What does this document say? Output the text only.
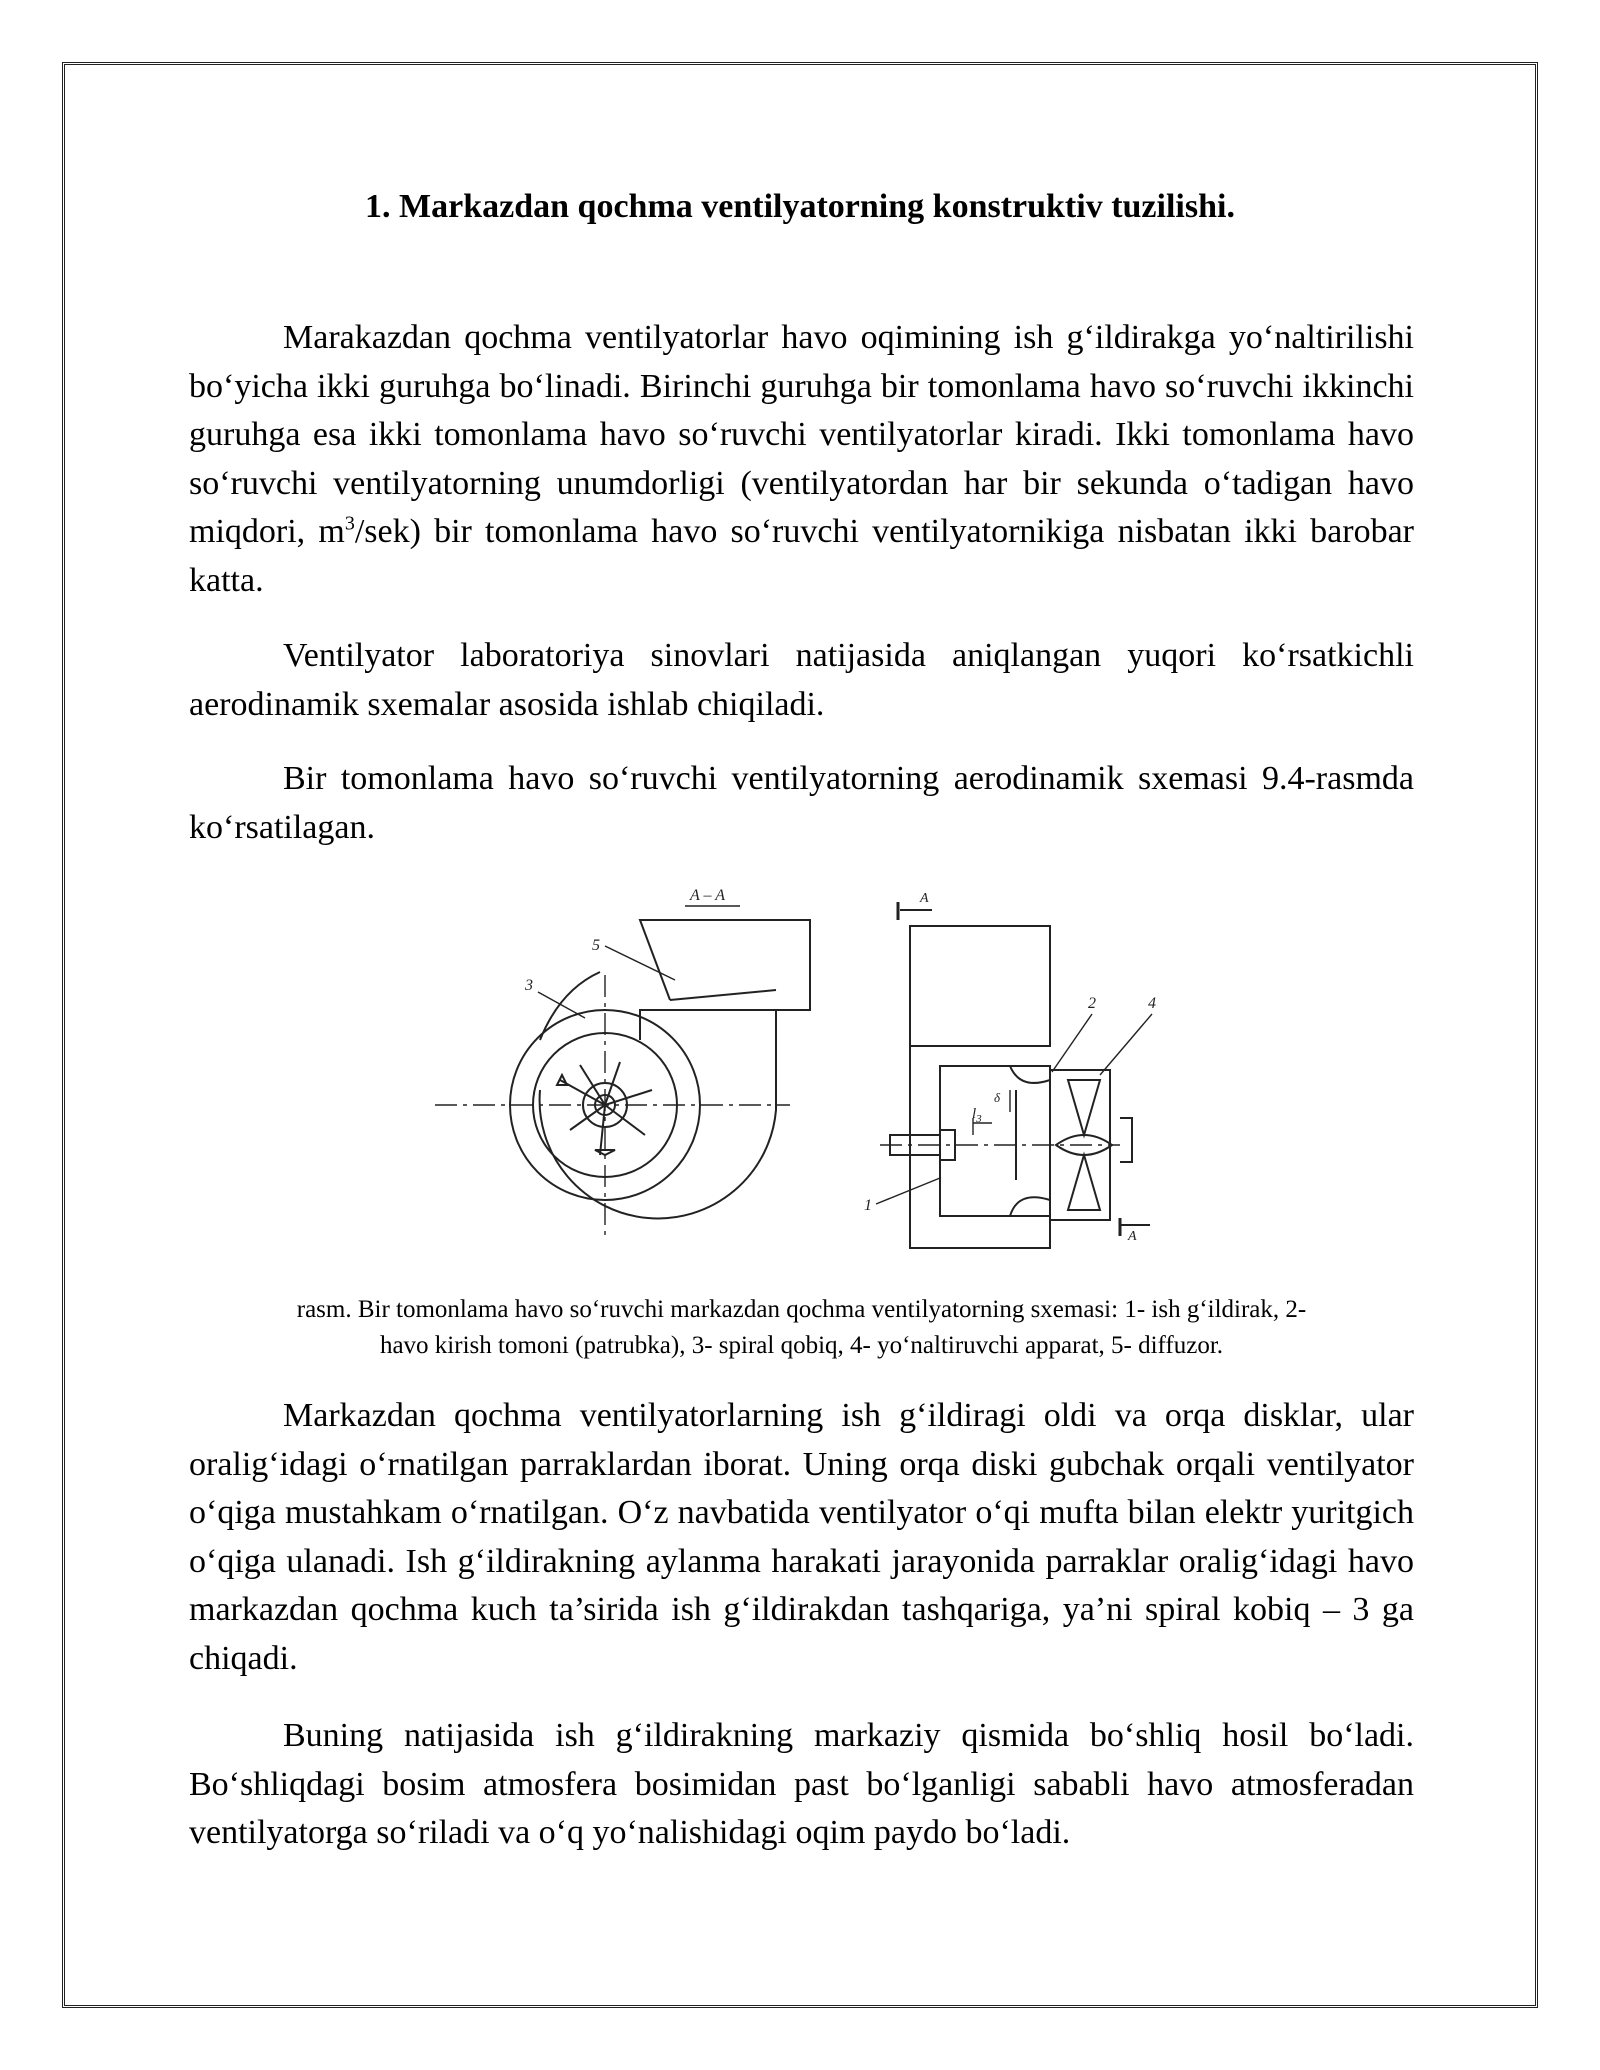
1. Markazdan qochma ventilyatorning konstruktiv tuzilishi.

Marakazdan qochma ventilyatorlar havo oqimining ish g‘ildirakga yo‘naltirilishi bo‘yicha ikki guruhga bo‘linadi. Birinchi guruhga bir tomonlama havo so‘ruvchi ikkinchi guruhga esa ikki tomonlama havo so‘ruvchi ventilyatorlar kiradi. Ikki tomonlama havo so‘ruvchi ventilyatorning unumdorligi (ventilyatordan har bir sekunda o‘tadigan havo miqdori, $m^3/sek$) bir tomonlama havo so‘ruvchi ventilyatornikiga nisbatan ikki barobar katta.

Ventilyator laboratoriya sinovlari natijasida aniqlangan yuqori ko‘rsatkichli aerodinamik sxemalar asosida ishlab chiqiladi.

Bir tomonlama havo so‘ruvchi ventilyatorning aerodinamik sxemasi 9.4-rasmda ko‘rsatilagan.

A – A
5
3
A
A
2	4
1
$l_3$
δ
rasm. Bir tomonlama havo so‘ruvchi markazdan qochma ventilyatorning sxemasi: 1- ish g‘ildirak, 2-
havo kirish tomoni (patrubka), 3- spiral qobiq, 4- yo‘naltiruvchi apparat, 5- diffuzor.

Markazdan qochma ventilyatorlarning ish g‘ildiragi oldi va orqa disklar, ular oralig‘idagi o‘rnatilgan parraklardan iborat. Uning orqa diski gubchak orqali ventilyator o‘qiga mustahkam o‘rnatilgan. O‘z navbatida ventilyator o‘qi mufta bilan elektr yuritgich o‘qiga ulanadi. Ish g‘ildirakning aylanma harakati jarayonida parraklar oralig‘idagi havo markazdan qochma kuch ta’sirida ish g‘ildirakdan tashqariga, ya’ni spiral kobiq – 3 ga chiqadi.

Buning natijasida ish g‘ildirakning markaziy qismida bo‘shliq hosil bo‘ladi. Bo‘shliqdagi bosim atmosfera bosimidan past bo‘lganligi sababli havo atmosferadan ventilyatorga so‘riladi va o‘q yo‘nalishidagi oqim paydo bo‘ladi.
